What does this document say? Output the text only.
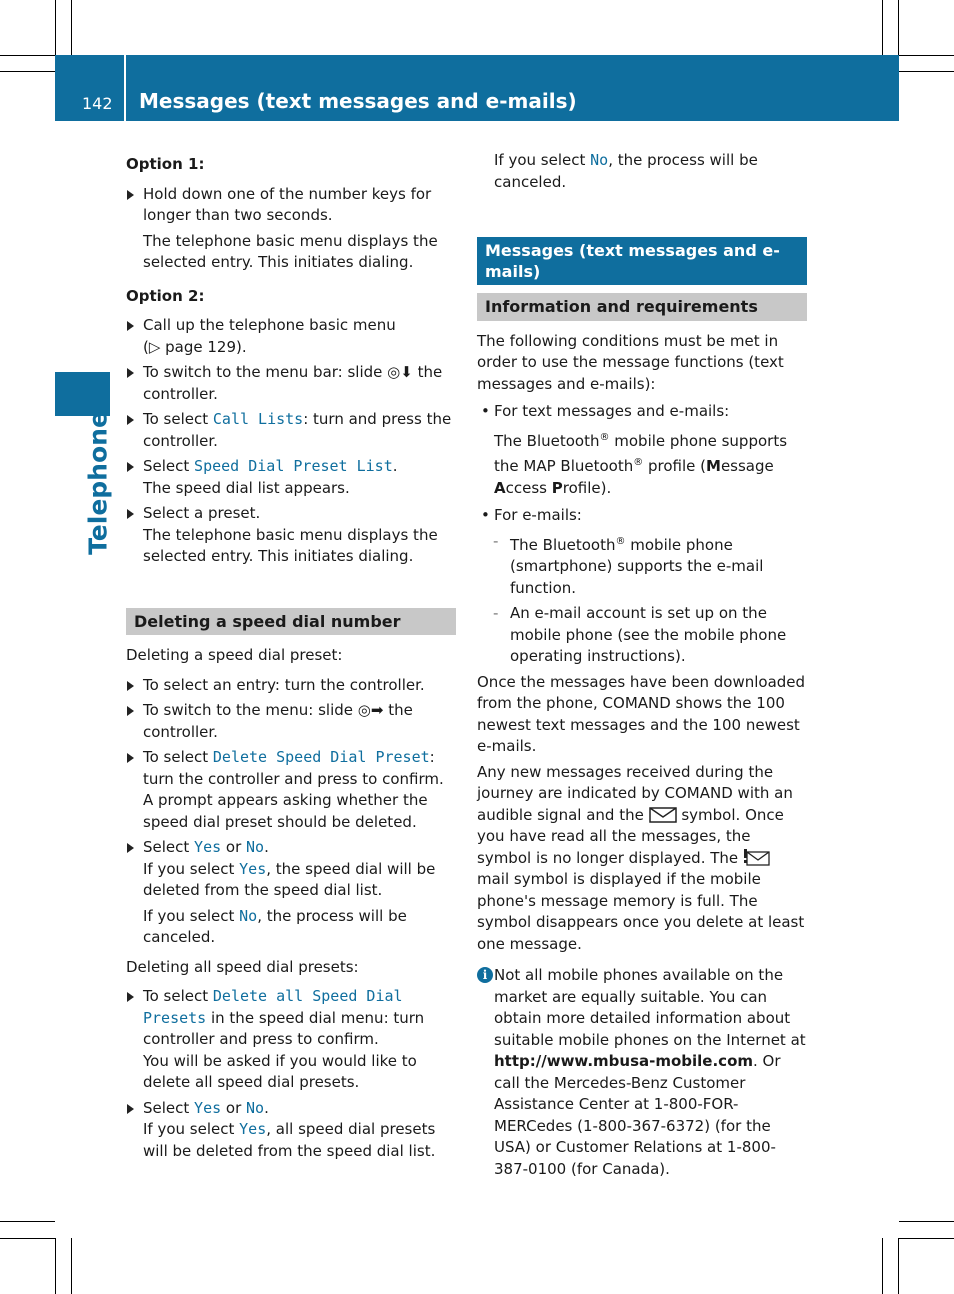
142 Messages (text messages and e-mails)
Telephone

Option 1:

Hold down one of the number keys for longer than two seconds.

The telephone basic menu displays the selected entry. This initiates dialing.

Option 2:

Call up the telephone basic menu
(▷ page 129).

To switch to the menu bar: slide ◎⬇ the controller.

To select Call Lists: turn and press the controller.

Select Speed Dial Preset List.

The speed dial list appears.

Select a preset.

The telephone basic menu displays the selected entry. This initiates dialing.

Deleting a speed dial number

Deleting a speed dial preset:

To select an entry: turn the controller.

To switch to the menu: slide ◎➡ the controller.

To select Delete Speed Dial Preset: turn the controller and press to confirm.

A prompt appears asking whether the speed dial preset should be deleted.

Select Yes or No.

If you select Yes, the speed dial will be deleted from the speed dial list.

If you select No, the process will be canceled.

Deleting all speed dial presets:

To select Delete all Speed Dial Presets in the speed dial menu: turn controller and press to confirm.

You will be asked if you would like to delete all speed dial presets.

Select Yes or No.

If you select Yes, all speed dial presets will be deleted from the speed dial list.

If you select No, the process will be canceled.

Messages (text messages and e-mails)
Information and requirements

The following conditions must be met in order to use the message functions (text messages and e-mails):

• For text messages and e-mails:

The Bluetooth® mobile phone supports the MAP Bluetooth® profile (Message Access Profile).

• For e-mails:

- The Bluetooth® mobile phone (smartphone) supports the e-mail function.

- An e-mail account is set up on the mobile phone (see the mobile phone operating instructions).

Once the messages have been downloaded from the phone, COMAND shows the 100 newest text messages and the 100 newest e-mails.

Any new messages received during the journey are indicated by COMAND with an audible signal and the  symbol. Once you have read all the messages, the symbol is no longer displayed. The  mail symbol is displayed if the mobile phone's message memory is full. The symbol disappears once you delete at least one message.

i Not all mobile phones available on the market are equally suitable. You can obtain more detailed information about suitable mobile phones on the Internet at http://www.mbusa-mobile.com. Or call the Mercedes-Benz Customer Assistance Center at 1-800-FOR-MERCedes (1-800-367-6372) (for the USA) or Customer Relations at 1-800-387-0100 (for Canada).
